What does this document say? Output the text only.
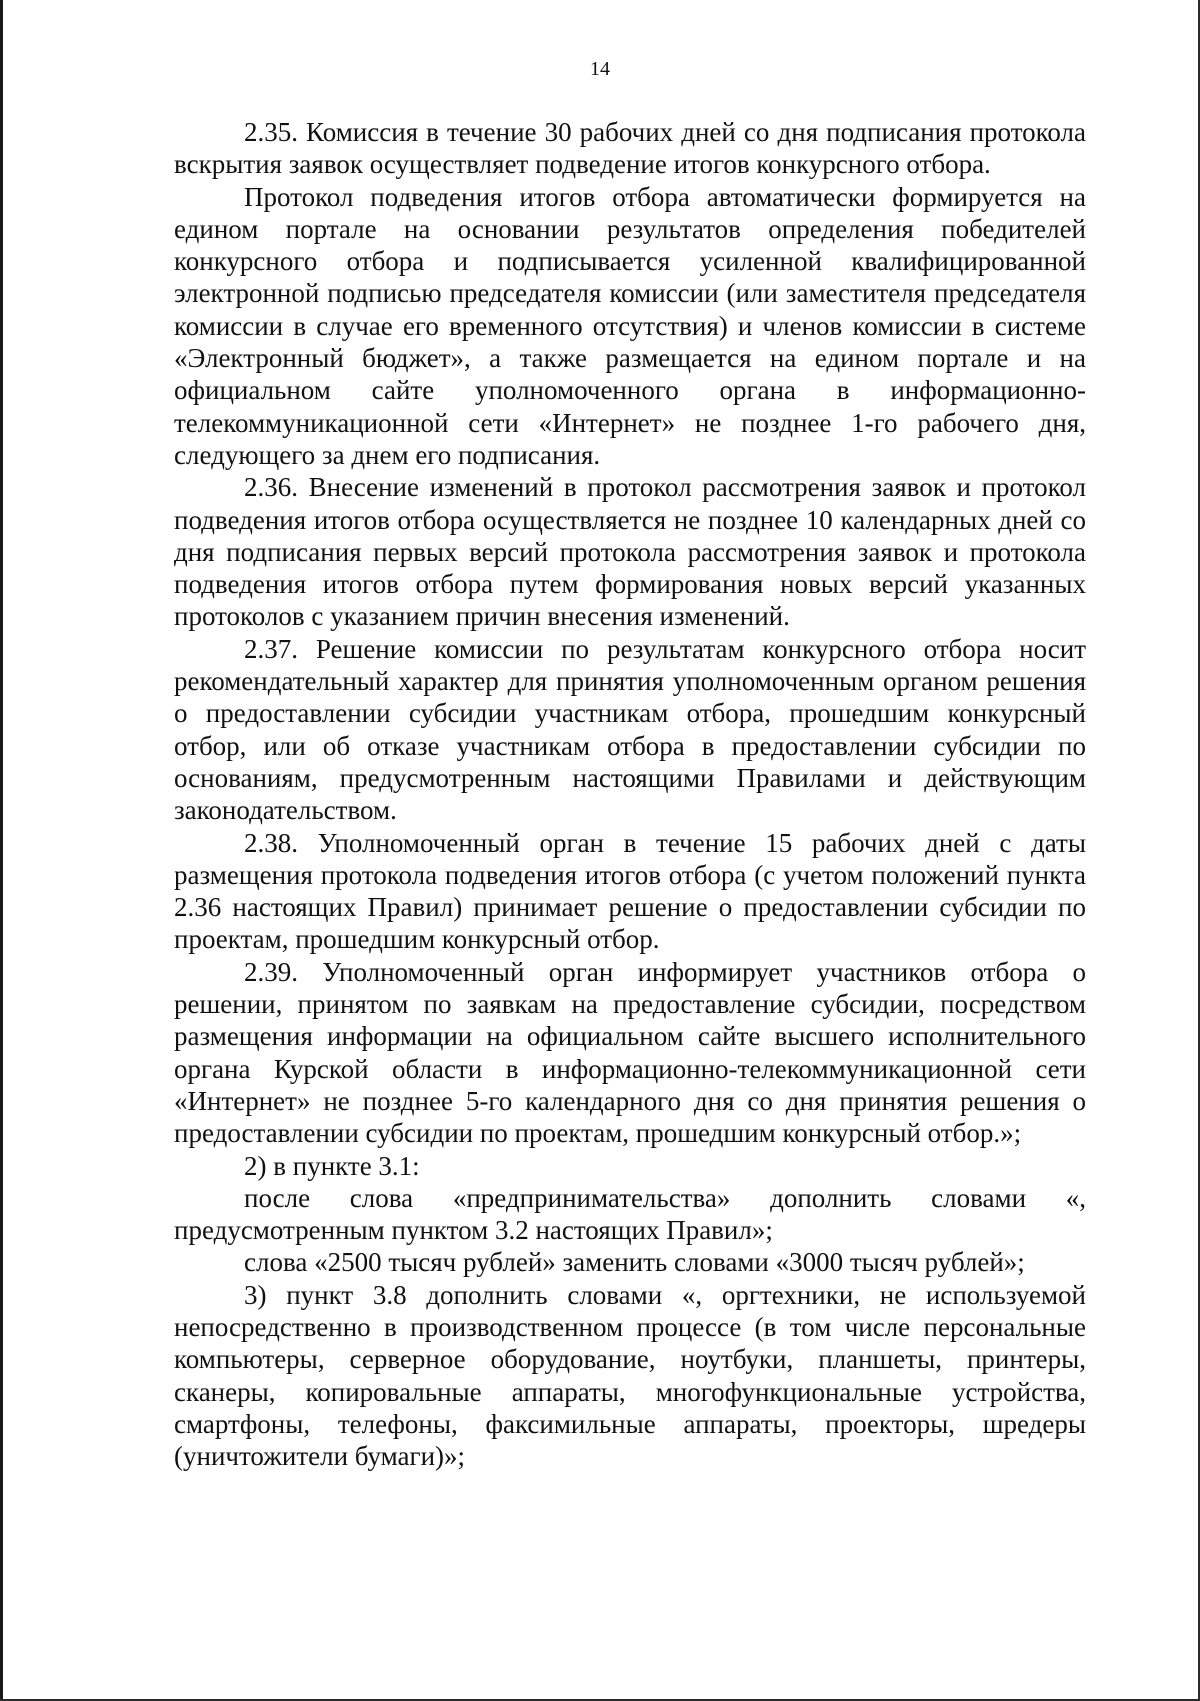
14

2.35. Комиссия в течение 30 рабочих дней со дня подписания протокола вскрытия заявок осуществляет подведение итогов конкурсного отбора.

Протокол подведения итогов отбора автоматически формируется на едином портале на основании результатов определения победителей конкурсного отбора и подписывается усиленной квалифицированной электронной подписью председателя комиссии (или заместителя председателя комиссии в случае его временного отсутствия) и членов комиссии в системе «Электронный бюджет», а также размещается на едином портале и на официальном сайте уполномоченного органа в информационно-телекоммуникационной сети «Интернет» не позднее 1-го рабочего дня, следующего за днем его подписания.

2.36. Внесение изменений в протокол рассмотрения заявок и протокол подведения итогов отбора осуществляется не позднее 10 календарных дней со дня подписания первых версий протокола рассмотрения заявок и протокола подведения итогов отбора путем формирования новых версий указанных протоколов с указанием причин внесения изменений.

2.37. Решение комиссии по результатам конкурсного отбора носит рекомендательный характер для принятия уполномоченным органом решения о предоставлении субсидии участникам отбора, прошедшим конкурсный отбор, или об отказе участникам отбора в предоставлении субсидии по основаниям, предусмотренным настоящими Правилами и действующим законодательством.

2.38. Уполномоченный орган в течение 15 рабочих дней с даты размещения протокола подведения итогов отбора (с учетом положений пункта 2.36 настоящих Правил) принимает решение о предоставлении субсидии по проектам, прошедшим конкурсный отбор.

2.39. Уполномоченный орган информирует участников отбора о решении, принятом по заявкам на предоставление субсидии, посредством размещения информации на официальном сайте высшего исполнительного органа Курской области в информационно-телекоммуникационной сети «Интернет» не позднее 5-го календарного дня со дня принятия решения о предоставлении субсидии по проектам, прошедшим конкурсный отбор.»;

2) в пункте 3.1:

после слова «предпринимательства» дополнить словами «, предусмотренным пунктом 3.2 настоящих Правил»;

слова «2500 тысяч рублей» заменить словами «3000 тысяч рублей»;

3) пункт 3.8 дополнить словами «, оргтехники, не используемой непосредственно в производственном процессе (в том числе персональные компьютеры, серверное оборудование, ноутбуки, планшеты, принтеры, сканеры, копировальные аппараты, многофункциональные устройства, смартфоны, телефоны, факсимильные аппараты, проекторы, шредеры (уничтожители бумаги)»;
